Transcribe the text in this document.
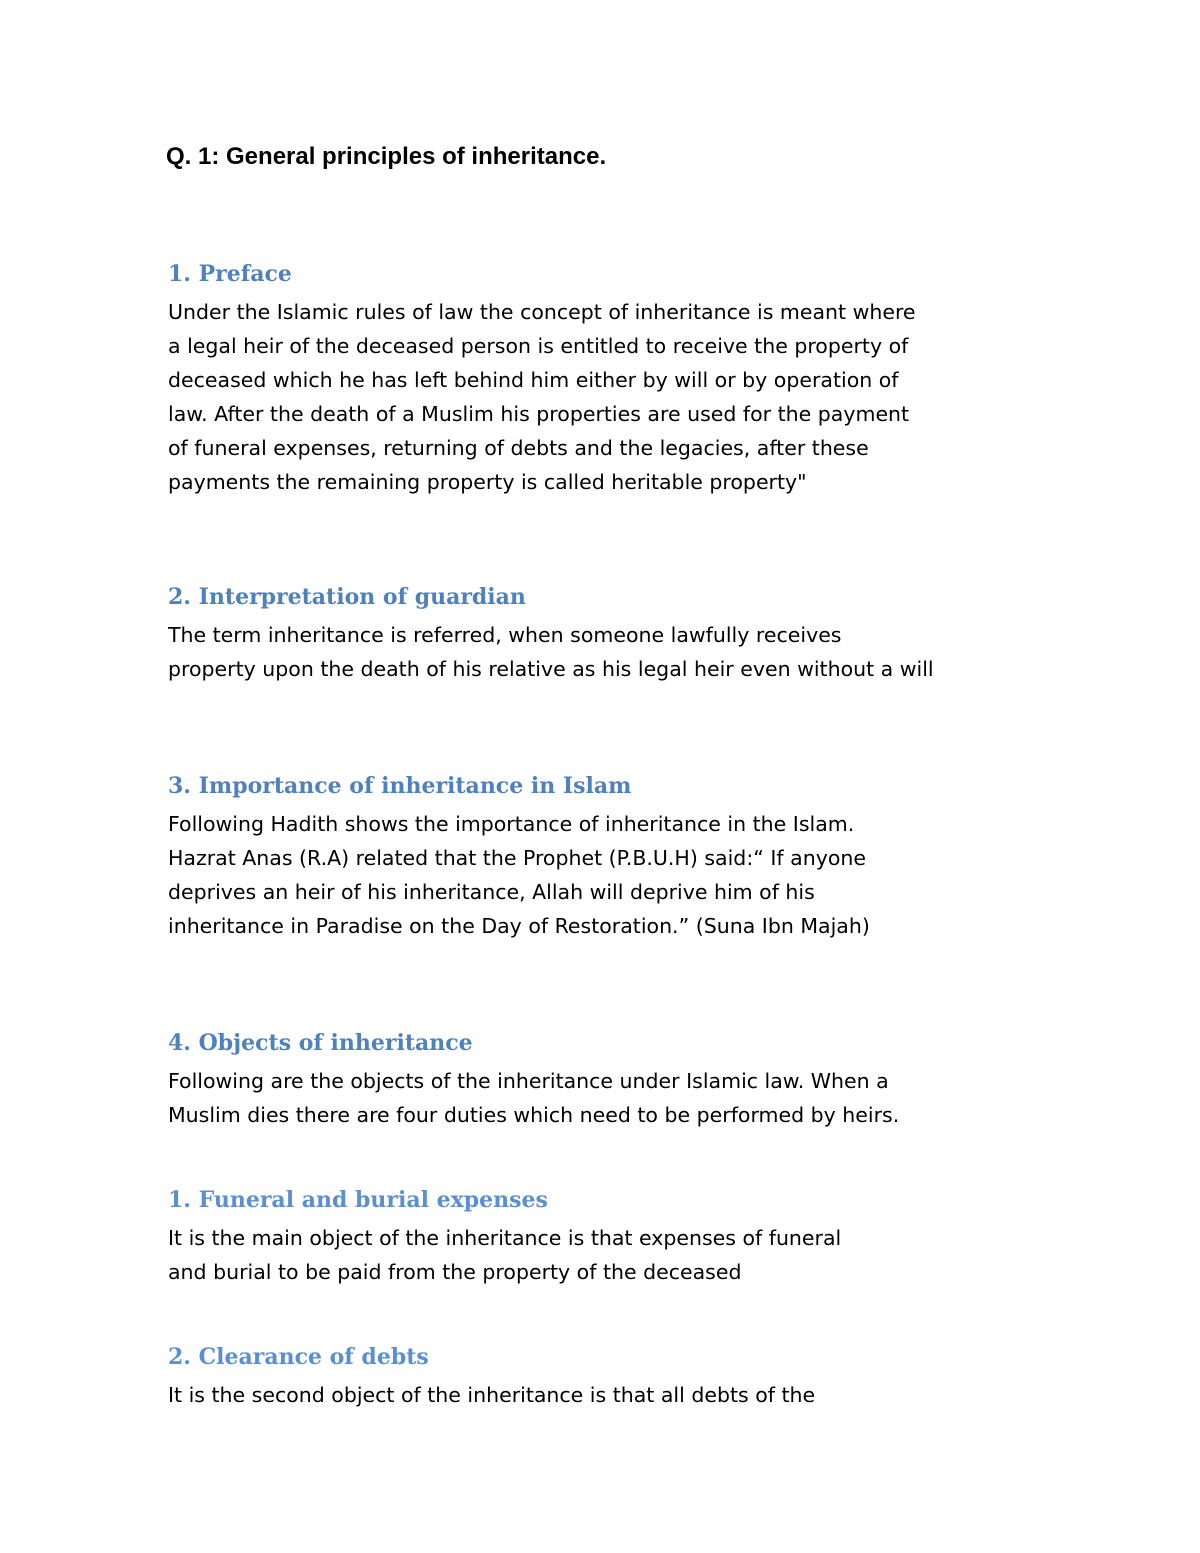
Q. 1: General principles of inheritance.
1. Preface
Under the Islamic rules of law the concept of inheritance is meant where
a legal heir of the deceased person is entitled to receive the property of
deceased which he has left behind him either by will or by operation of
law. After the death of a Muslim his properties are used for the payment
of funeral expenses, returning of debts and the legacies, after these
payments the remaining property is called heritable property"
2. Interpretation of guardian
The term inheritance is referred, when someone lawfully receives
property upon the death of his relative as his legal heir even without a will
3. Importance of inheritance in Islam
Following Hadith shows the importance of inheritance in the Islam.
Hazrat Anas (R.A) related that the Prophet (P.B.U.H) said:“ If anyone
deprives an heir of his inheritance, Allah will deprive him of his
inheritance in Paradise on the Day of Restoration.” (Suna Ibn Majah)
4. Objects of inheritance
Following are the objects of the inheritance under Islamic law. When a
Muslim dies there are four duties which need to be performed by heirs.
1. Funeral and burial expenses
It is the main object of the inheritance is that expenses of funeral
and burial to be paid from the property of the deceased
2. Clearance of debts
It is the second object of the inheritance is that all debts of the
